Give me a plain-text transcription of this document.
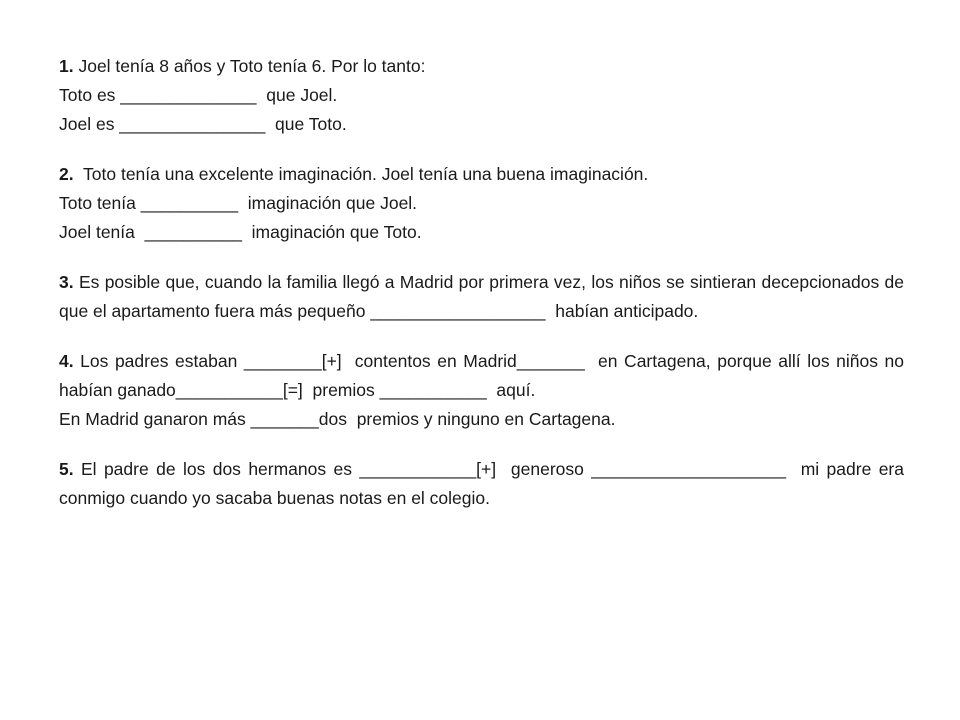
1. Joel tenía 8 años y Toto tenía 6. Por lo tanto:
Toto es ______________  que Joel.
Joel es _______________  que Toto.
2.  Toto tenía una excelente imaginación. Joel tenía una buena imaginación.
Toto tenía __________  imaginación que Joel.
Joel tenía  __________  imaginación que Toto.
3. Es posible que, cuando la familia llegó a Madrid por primera vez, los niños se sintieran decepcionados de que el apartamento fuera más pequeño __________________  habían anticipado.
4. Los padres estaban ________[+]  contentos en Madrid_______  en Cartagena, porque allí los niños no habían ganado___________[=]  premios ___________  aquí.
En Madrid ganaron más _______dos  premios y ninguno en Cartagena.
5. El padre de los dos hermanos es ____________[+]  generoso ____________________  mi padre era conmigo cuando yo sacaba buenas notas en el colegio.
